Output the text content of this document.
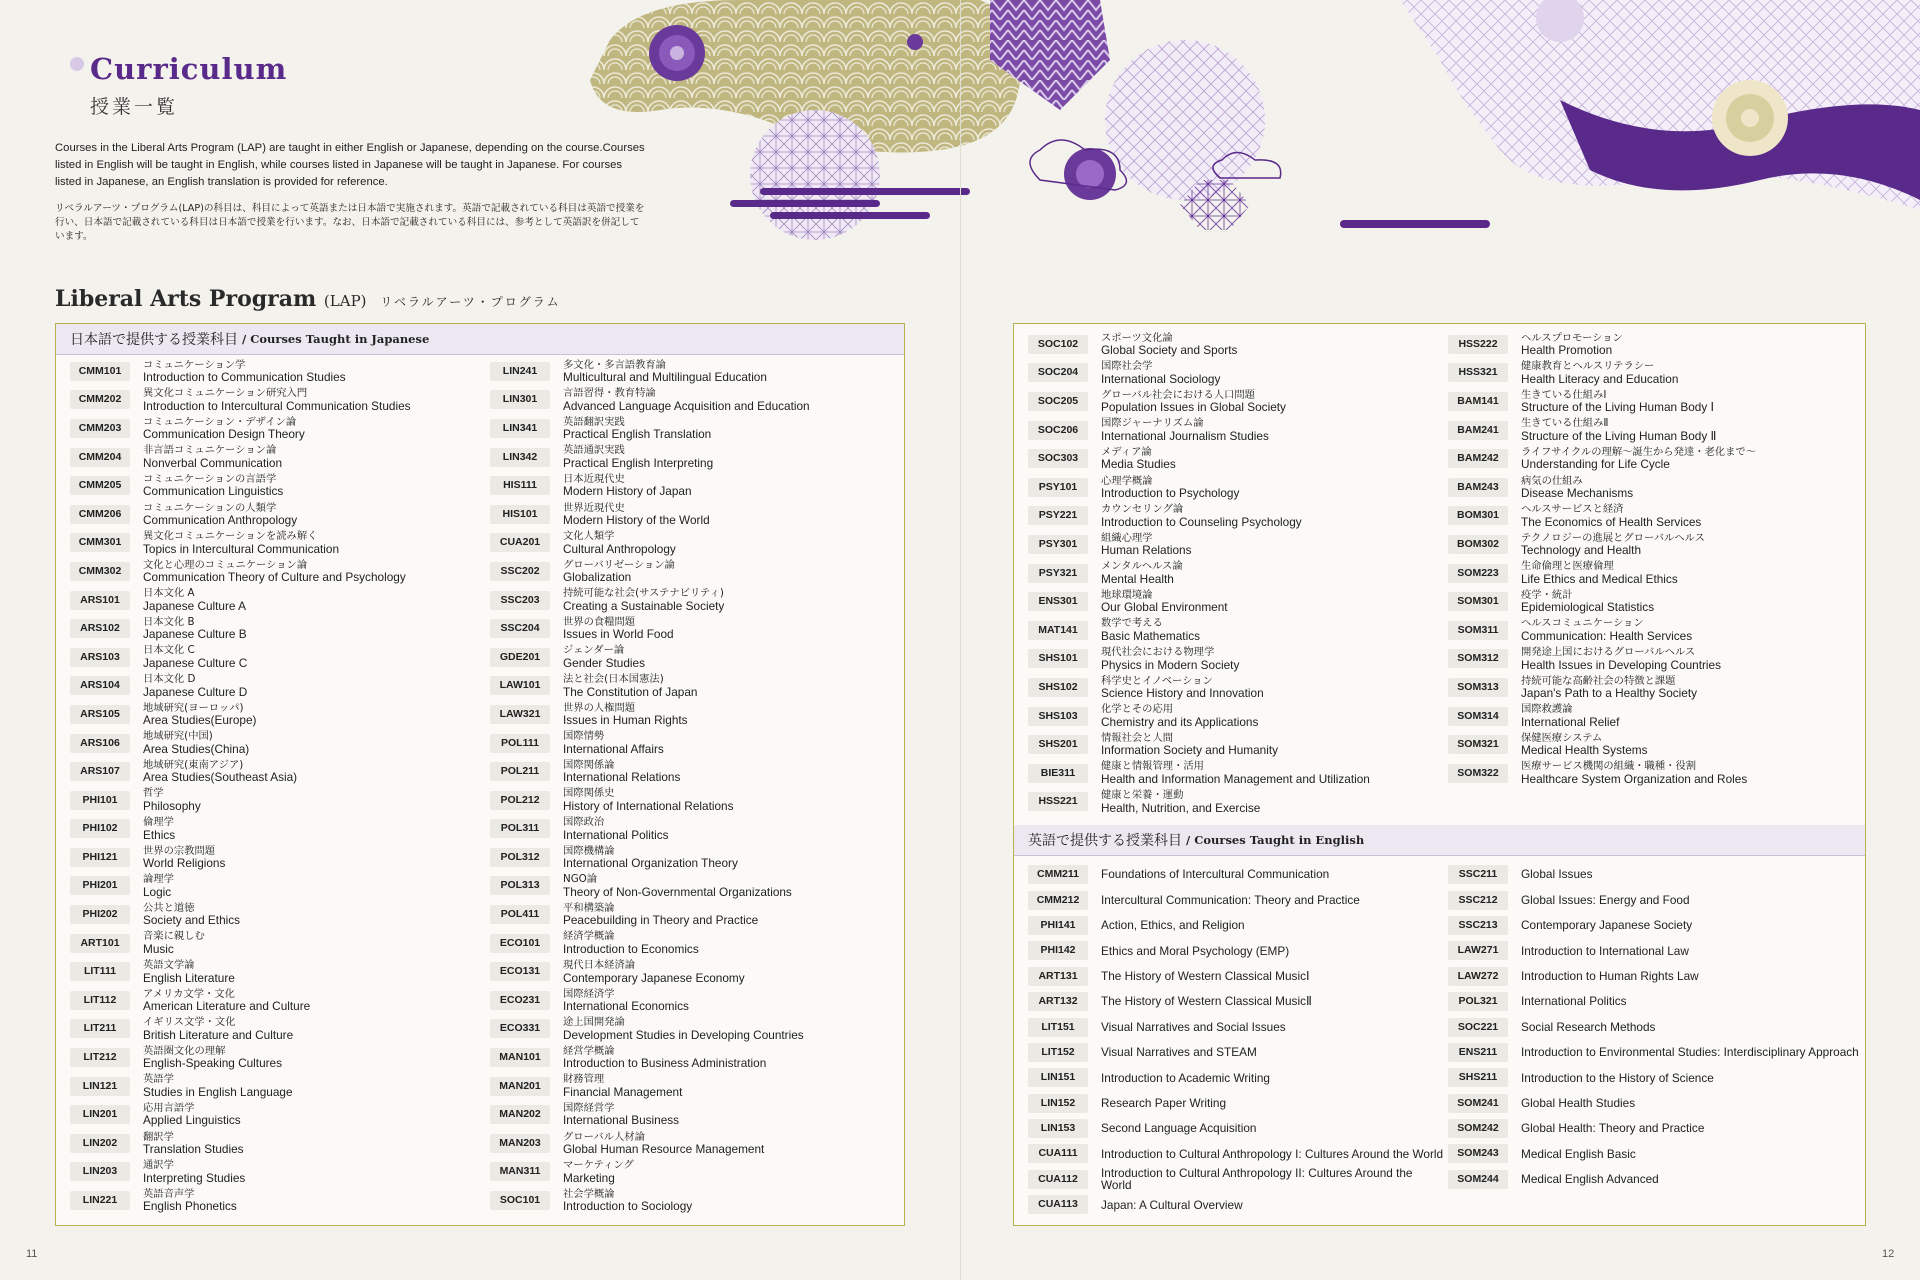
Curriculum
授業一覧
Courses in the Liberal Arts Program (LAP) are taught in either English or Japanese, depending on the course.Courses listed in English will be taught in English, while courses listed in Japanese will be taught in Japanese. For courses listed in Japanese, an English translation is provided for reference.
リベラルアーツ・プログラム(LAP)の科目は、科目によって英語または日本語で実施されます。英語で記載されている科目は英語で授業を行い、日本語で記載されている科目は日本語で授業を行います。なお、日本語で記載されている科目には、参考として英語訳を併記しています。
Liberal Arts Program (LAP) リベラルアーツ・プログラム
日本語で提供する授業科目 / Courses Taught in Japanese
CMM101
コミュニケーション学
Introduction to Communication Studies
CMM202
異文化コミュニケーション研究入門
Introduction to Intercultural Communication Studies
CMM203
コミュニケーション・デザイン論
Communication Design Theory
CMM204
非言語コミュニケーション論
Nonverbal Communication
CMM205
コミュニケーションの言語学
Communication Linguistics
CMM206
コミュニケーションの人類学
Communication Anthropology
CMM301
異文化コミュニケーションを読み解く
Topics in Intercultural Communication
CMM302
文化と心理のコミュニケーション論
Communication Theory of Culture and Psychology
ARS101
日本文化 A
Japanese Culture A
ARS102
日本文化 B
Japanese Culture B
ARS103
日本文化 C
Japanese Culture C
ARS104
日本文化 D
Japanese Culture D
ARS105
地域研究(ヨーロッパ)
Area Studies(Europe)
ARS106
地域研究(中国)
Area Studies(China)
ARS107
地域研究(東南アジア)
Area Studies(Southeast Asia)
PHI101
哲学
Philosophy
PHI102
倫理学
Ethics
PHI121
世界の宗教問題
World Religions
PHI201
論理学
Logic
PHI202
公共と道徳
Society and Ethics
ART101
音楽に親しむ
Music
LIT111
英語文学論
English Literature
LIT112
アメリカ文学・文化
American Literature and Culture
LIT211
イギリス文学・文化
British Literature and Culture
LIT212
英語圏文化の理解
English-Speaking Cultures
LIN121
英語学
Studies in English Language
LIN201
応用言語学
Applied Linguistics
LIN202
翻訳学
Translation Studies
LIN203
通訳学
Interpreting Studies
LIN221
英語音声学
English Phonetics
LIN241
多文化・多言語教育論
Multicultural and Multilingual Education
LIN301
言語習得・教育特論
Advanced Language Acquisition and Education
LIN341
英語翻訳実践
Practical English Translation
LIN342
英語通訳実践
Practical English Interpreting
HIS111
日本近現代史
Modern History of Japan
HIS101
世界近現代史
Modern History of the World
CUA201
文化人類学
Cultural Anthropology
SSC202
グローバリゼーション論
Globalization
SSC203
持続可能な社会(サステナビリティ)
Creating a Sustainable Society
SSC204
世界の食糧問題
Issues in World Food
GDE201
ジェンダー論
Gender Studies
LAW101
法と社会(日本国憲法)
The Constitution of Japan
LAW321
世界の人権問題
Issues in Human Rights
POL111
国際情勢
International Affairs
POL211
国際関係論
International Relations
POL212
国際関係史
History of International Relations
POL311
国際政治
International Politics
POL312
国際機構論
International Organization Theory
POL313
NGO論
Theory of Non-Governmental Organizations
POL411
平和構築論
Peacebuilding in Theory and Practice
ECO101
経済学概論
Introduction to Economics
ECO131
現代日本経済論
Contemporary Japanese Economy
ECO231
国際経済学
International Economics
ECO331
途上国開発論
Development Studies in Developing Countries
MAN101
経営学概論
Introduction to Business Administration
MAN201
財務管理
Financial Management
MAN202
国際経営学
International Business
MAN203
グローバル人材論
Global Human Resource Management
MAN311
マーケティング
Marketing
SOC101
社会学概論
Introduction to Sociology
SOC102
スポーツ文化論
Global Society and Sports
SOC204
国際社会学
International Sociology
SOC205
グローバル社会における人口問題
Population Issues in Global Society
SOC206
国際ジャーナリズム論
International Journalism Studies
SOC303
メディア論
Media Studies
PSY101
心理学概論
Introduction to Psychology
PSY221
カウンセリング論
Introduction to Counseling Psychology
PSY301
組織心理学
Human Relations
PSY321
メンタルヘルス論
Mental Health
ENS301
地球環境論
Our Global Environment
MAT141
数学で考える
Basic Mathematics
SHS101
現代社会における物理学
Physics in Modern Society
SHS102
科学史とイノベーション
Science History and Innovation
SHS103
化学とその応用
Chemistry and its Applications
SHS201
情報社会と人間
Information Society and Humanity
BIE311
健康と情報管理・活用
Health and Information Management and Utilization
HSS221
健康と栄養・運動
Health, Nutrition, and Exercise
HSS222
ヘルスプロモーション
Health Promotion
HSS321
健康教育とヘルスリテラシー
Health Literacy and Education
BAM141
生きている仕組みⅠ
Structure of the Living Human Body Ⅰ
BAM241
生きている仕組みⅡ
Structure of the Living Human Body Ⅱ
BAM242
ライフサイクルの理解〜誕生から発達・老化まで〜
Understanding for Life Cycle
BAM243
病気の仕組み
Disease Mechanisms
BOM301
ヘルスサービスと経済
The Economics of Health Services
BOM302
テクノロジーの進展とグローバルヘルス
Technology and Health
SOM223
生命倫理と医療倫理
Life Ethics and Medical Ethics
SOM301
疫学・統計
Epidemiological Statistics
SOM311
ヘルスコミュニケーション
Communication: Health Services
SOM312
開発途上国におけるグローバルヘルス
Health Issues in Developing Countries
SOM313
持続可能な高齢社会の特徴と課題
Japan's Path to a Healthy Society
SOM314
国際救護論
International Relief
SOM321
保健医療システム
Medical Health Systems
SOM322
医療サービス機関の組織・職種・役割
Healthcare System Organization and Roles
英語で提供する授業科目 / Courses Taught in English
CMM211	Foundations of Intercultural Communication
CMM212	Intercultural Communication: Theory and Practice
PHI141	Action, Ethics, and Religion
PHI142	Ethics and Moral Psychology (EMP)
ART131	The History of Western Classical MusicⅠ
ART132	The History of Western Classical MusicⅡ
LIT151	Visual Narratives and Social Issues
LIT152	Visual Narratives and STEAM
LIN151	Introduction to Academic Writing
LIN152	Research Paper Writing
LIN153	Second Language Acquisition
CUA111	Introduction to Cultural Anthropology I: Cultures Around the World
CUA112	Introduction to Cultural Anthropology II: Cultures Around the World
CUA113	Japan: A Cultural Overview
SSC211	Global Issues
SSC212	Global Issues: Energy and Food
SSC213	Contemporary Japanese Society
LAW271	Introduction to International Law
LAW272	Introduction to Human Rights Law
POL321	International Politics
SOC221	Social Research Methods
ENS211	Introduction to Environmental Studies: Interdisciplinary Approach
SHS211	Introduction to the History of Science
SOM241	Global Health Studies
SOM242	Global Health: Theory and Practice
SOM243	Medical English Basic
SOM244	Medical English Advanced
11	12
